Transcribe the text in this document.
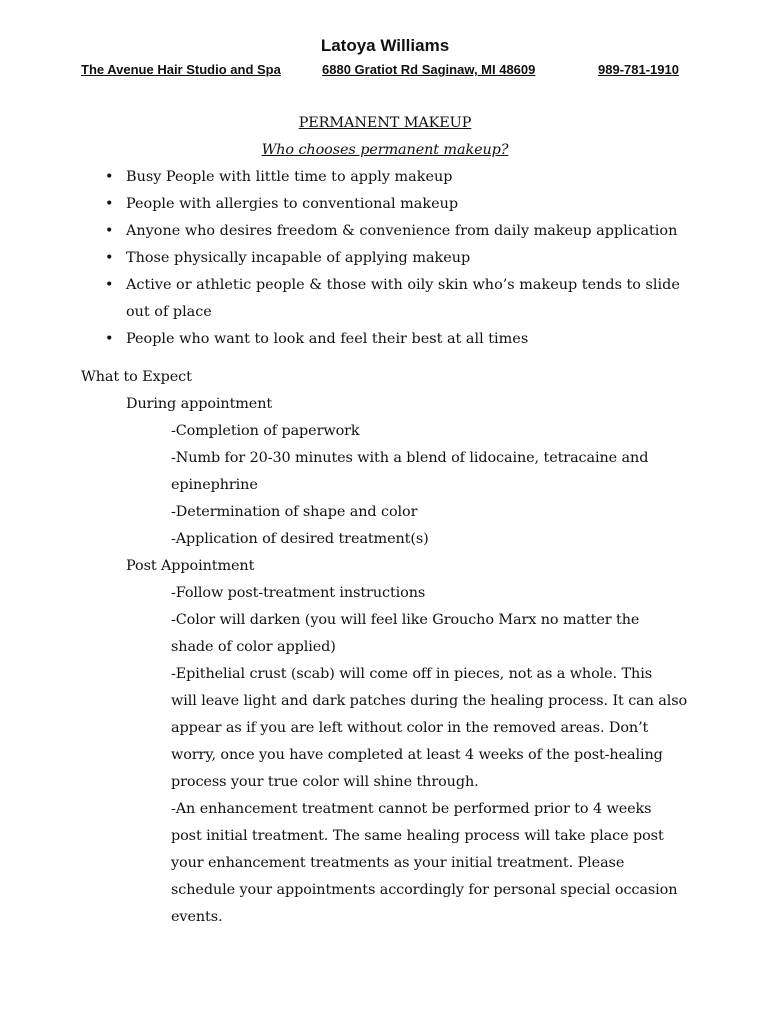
Latoya Williams
The Avenue Hair Studio and Spa	6880 Gratiot Rd Saginaw, MI 48609	989-781-1910
PERMANENT MAKEUP
Who chooses permanent makeup?
• Busy People with little time to apply makeup
• People with allergies to conventional makeup
• Anyone who desires freedom & convenience from daily makeup application
• Those physically incapable of applying makeup
• Active or athletic people & those with oily skin who’s makeup tends to slide
out of place
• People who want to look and feel their best at all times
What to Expect
During appointment
-Completion of paperwork
-Numb for 20-30 minutes with a blend of lidocaine, tetracaine and
epinephrine
-Determination of shape and color
-Application of desired treatment(s)
Post Appointment
-Follow post-treatment instructions
-Color will darken (you will feel like Groucho Marx no matter the
shade of color applied)
-Epithelial crust (scab) will come off in pieces, not as a whole. This
will leave light and dark patches during the healing process. It can also
appear as if you are left without color in the removed areas. Don’t
worry, once you have completed at least 4 weeks of the post-healing
process your true color will shine through.
-An enhancement treatment cannot be performed prior to 4 weeks
post initial treatment. The same healing process will take place post
your enhancement treatments as your initial treatment. Please
schedule your appointments accordingly for personal special occasion
events.
